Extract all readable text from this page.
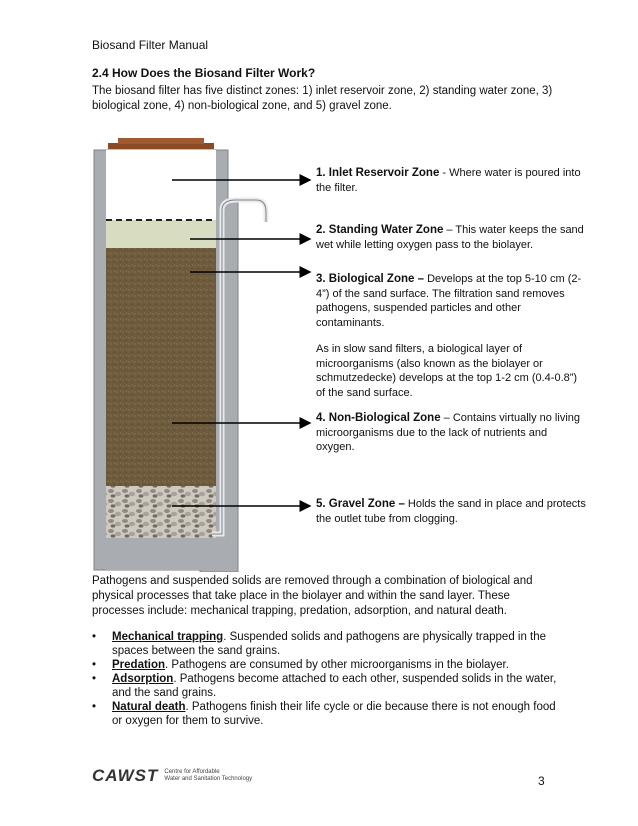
Biosand Filter Manual
2.4 How Does the Biosand Filter Work?
The biosand filter has five distinct zones: 1) inlet reservoir zone, 2) standing water zone, 3) biological zone, 4) non-biological zone, and 5) gravel zone.
1. Inlet Reservoir Zone - Where water is poured into the filter.
2. Standing Water Zone – This water keeps the sand wet while letting oxygen pass to the biolayer.
3. Biological Zone – Develops at the top 5-10 cm (2-4”) of the sand surface. The filtration sand removes pathogens, suspended particles and other contaminants.
As in slow sand filters, a biological layer of microorganisms (also known as the biolayer or schmutzedecke) develops at the top 1-2 cm (0.4-0.8”) of the sand surface.
4. Non-Biological Zone – Contains virtually no living microorganisms due to the lack of nutrients and oxygen.
5. Gravel Zone – Holds the sand in place and protects the outlet tube from clogging.
Pathogens and suspended solids are removed through a combination of biological and physical processes that take place in the biolayer and within the sand layer. These processes include: mechanical trapping, predation, adsorption, and natural death.
• Mechanical trapping. Suspended solids and pathogens are physically trapped in the spaces between the sand grains.
• Predation. Pathogens are consumed by other microorganisms in the biolayer.
• Adsorption. Pathogens become attached to each other, suspended solids in the water, and the sand grains.
• Natural death. Pathogens finish their life cycle or die because there is not enough food or oxygen for them to survive.
CAWST Centre for Affordable
Water and Sanitation Technology	3
